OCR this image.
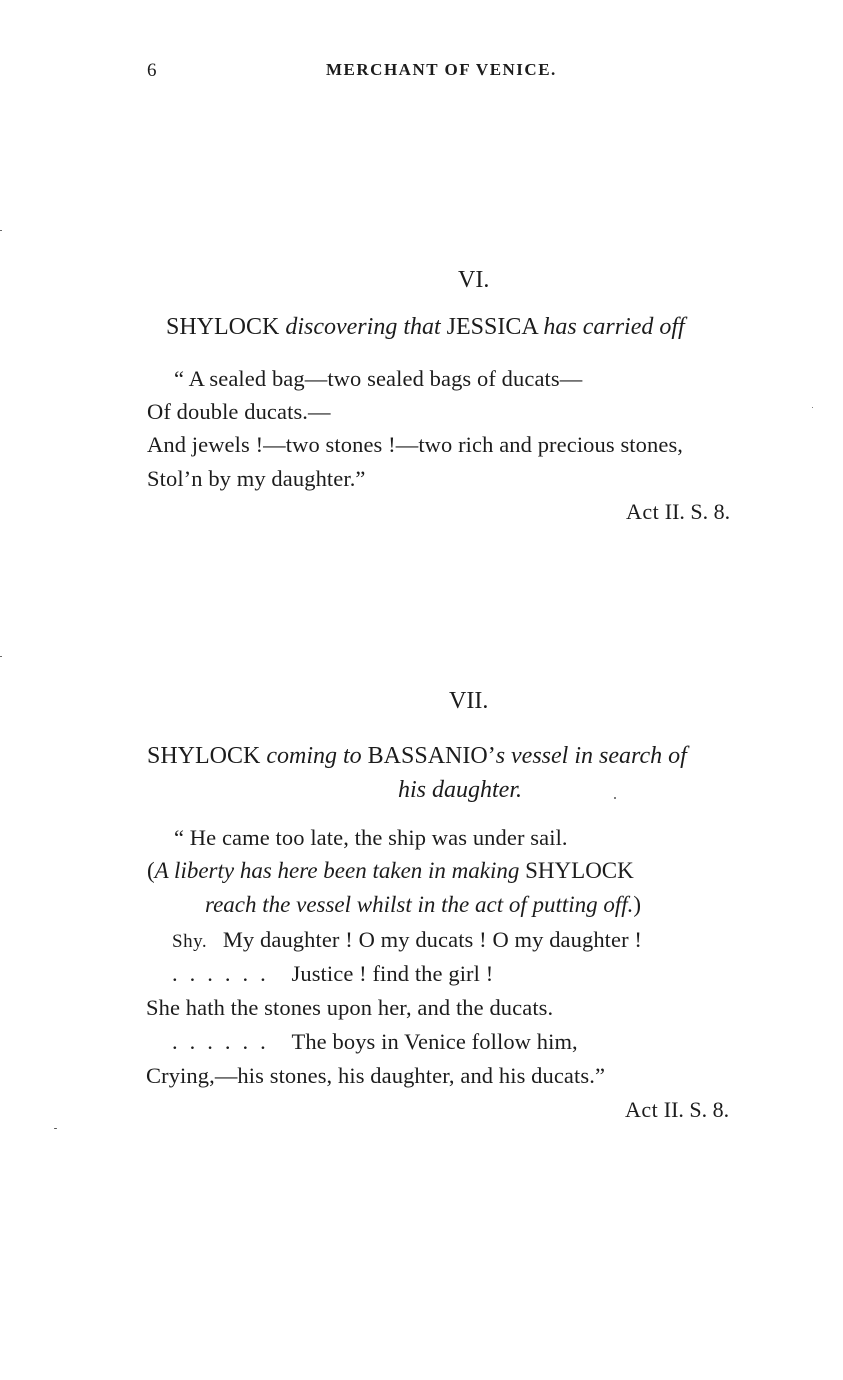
6	MERCHANT OF VENICE.
VI.
SHYLOCK discovering that JESSICA has carried off
“ A sealed bag—two sealed bags of ducats—
Of double ducats.—
And jewels !—two stones !—two rich and precious stones,
Stol’n by my daughter.”
Act II. S. 8.
VII.
SHYLOCK coming to BASSANIO’s vessel in search of
his daughter.
“ He came too late, the ship was under sail.
(A liberty has here been taken in making SHYLOCK
reach the vessel whilst in the act of putting off.)
Shy. My daughter ! O my ducats ! O my daughter !
...... Justice ! find the girl !
She hath the stones upon her, and the ducats.
...... The boys in Venice follow him,
Crying,—his stones, his daughter, and his ducats.”
Act II. S. 8.
